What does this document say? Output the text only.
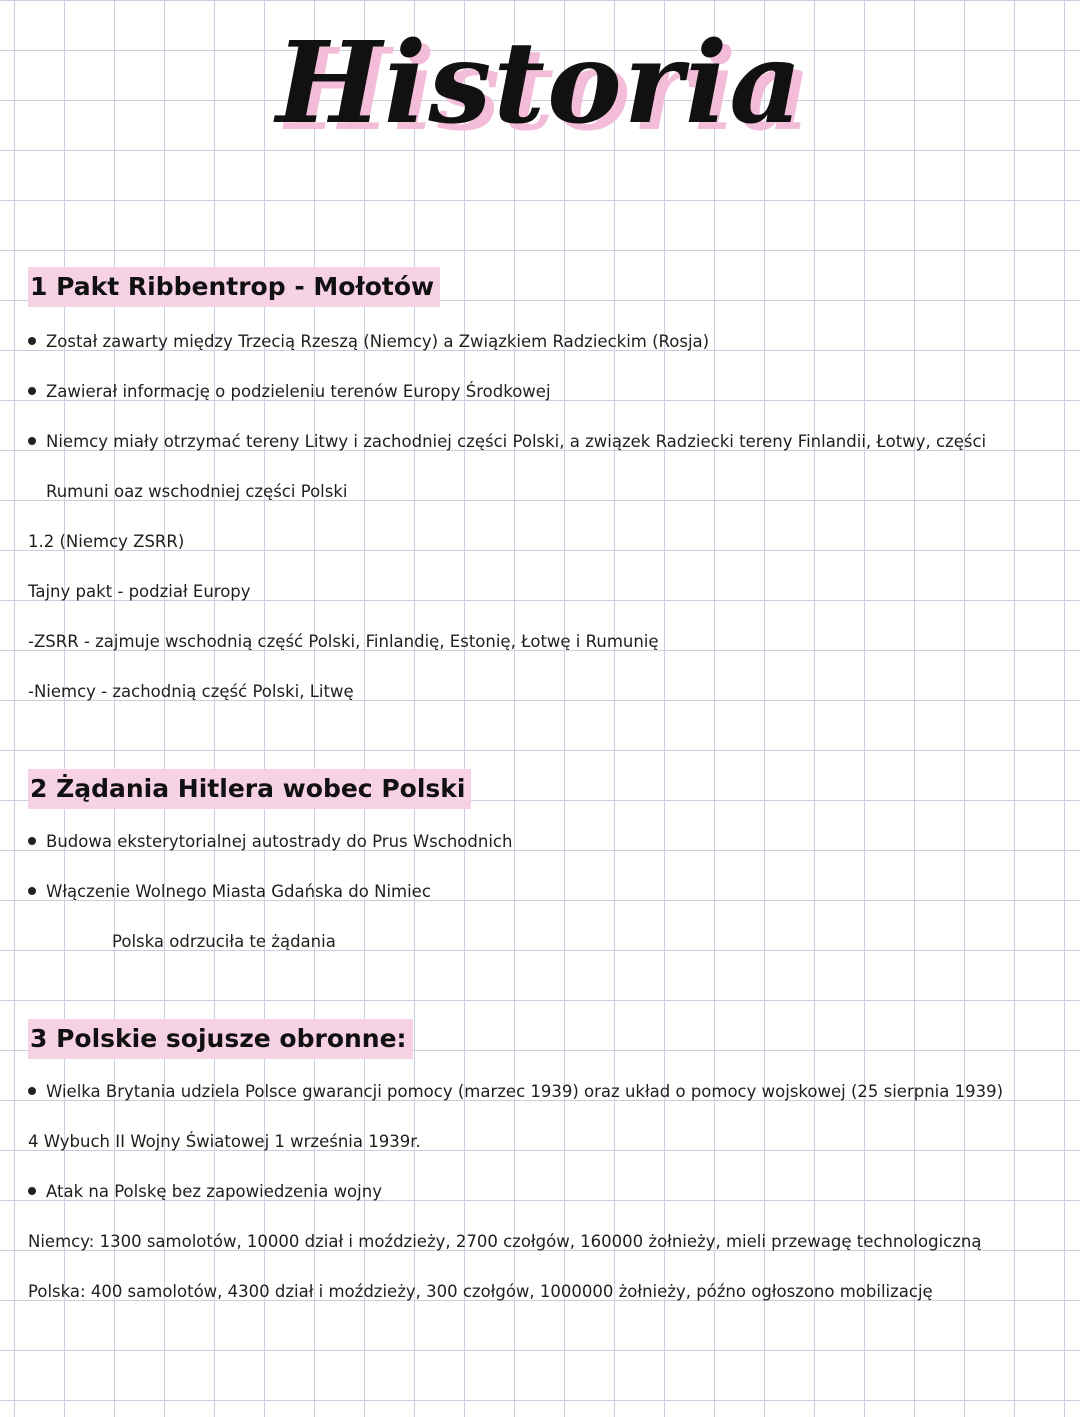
Historia
1 Pakt Ribbentrop - Mołotów
Został zawarty między Trzecią Rzeszą (Niemcy) a Związkiem Radzieckim (Rosja)
Zawierał informację o podzieleniu terenów Europy Środkowej
Niemcy miały otrzymać tereny Litwy i zachodniej części Polski, a związek Radziecki tereny Finlandii, Łotwy, części
Rumuni oaz wschodniej części Polski
1.2 (Niemcy ZSRR)
Tajny pakt - podział Europy
-ZSRR - zajmuje wschodnią część Polski, Finlandię, Estonię, Łotwę i Rumunię
-Niemcy - zachodnią część Polski, Litwę
2 Żądania Hitlera wobec Polski
Budowa eksterytorialnej autostrady do Prus Wschodnich
Włączenie Wolnego Miasta Gdańska do Nimiec
Polska odrzuciła te żądania
3 Polskie sojusze obronne:
Wielka Brytania udziela Polsce gwarancji pomocy (marzec 1939) oraz układ o pomocy wojskowej (25 sierpnia 1939)
4 Wybuch II Wojny Światowej 1 września 1939r.
Atak na Polskę bez zapowiedzenia wojny
Niemcy: 1300 samolotów, 10000 dział i moździeży, 2700 czołgów, 160000 żołnieży, mieli przewagę technologiczną
Polska: 400 samolotów, 4300 dział i moździeży, 300 czołgów, 1000000 żołnieży, późno ogłoszono mobilizację
